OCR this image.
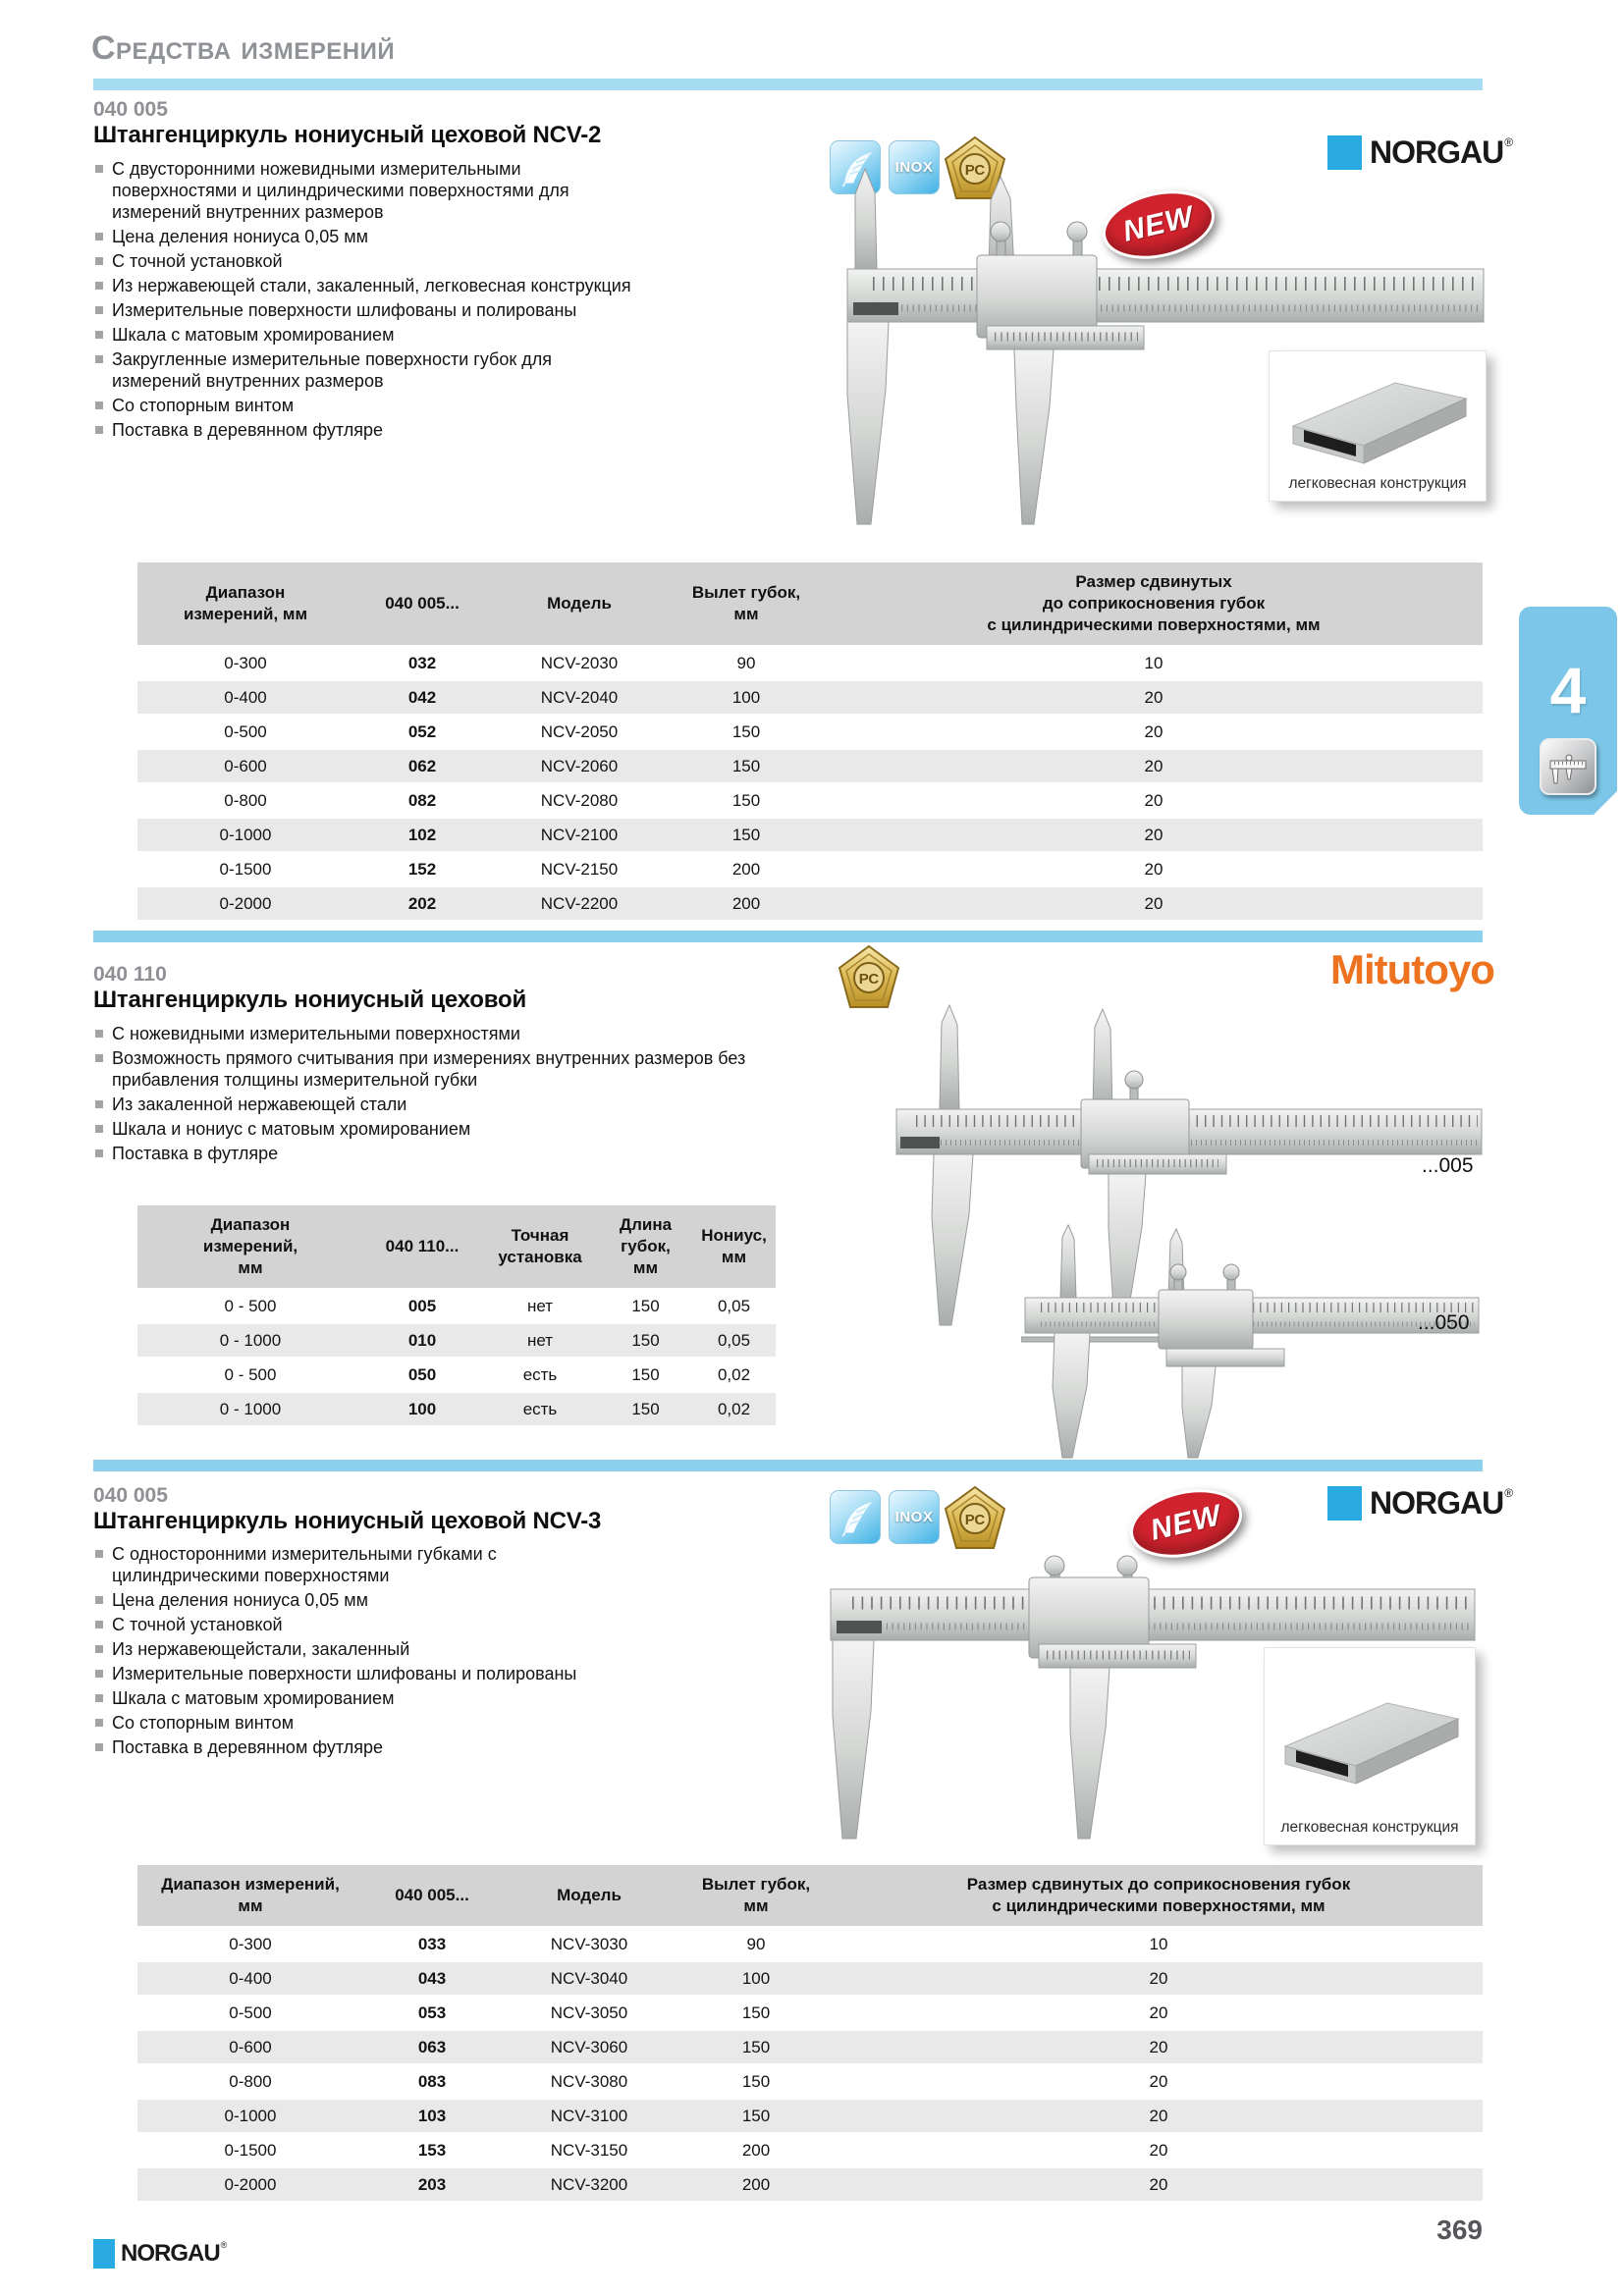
Средства измерений
040 005
Штангенциркуль нониусный цеховой NCV-2
С двусторонними ножевидными измерительными поверхностями и цилиндрическими поверхностями для измерений внутренних размеров
Цена деления нониуса 0,05 мм
С точной установкой
Из нержавеющей стали, закаленный, легковесная конструкция
Измерительные поверхности шлифованы и полированы
Шкала с матовым хромированием
Закругленные измерительные поверхности губок для измерений внутренних размеров
Со стопорным винтом
Поставка в деревянном футляре
INOX РС
NEW
NORGAU ®
легковесная конструкция
Диапазон
измерений, мм	040 005...	Модель	Вылет губок,
мм	Размер сдвинутых
до соприкосновения губок
с цилиндрическими поверхностями, мм
0-300	032	NCV-2030	90	10
0-400	042	NCV-2040	100	20
0-500	052	NCV-2050	150	20
0-600	062	NCV-2060	150	20
0-800	082	NCV-2080	150	20
0-1000	102	NCV-2100	150	20
0-1500	152	NCV-2150	200	20
0-2000	202	NCV-2200	200	20
040 110
Штангенциркуль нониусный цеховой
С ножевидными измерительными поверхностями
Возможность прямого считывания при измерениях внутренних размеров без прибавления толщины измерительной губки
Из закаленной нержавеющей стали
Шкала и нониус с матовым хромированием
Поставка в футляре
РС	Mitutoyo
...005
...050
Диапазон
измерений,
мм	040 110...	Точная
установка	Длина
губок,
мм	Нониус,
мм
0 - 500	005	нет	150	0,05
0 - 1000	010	нет	150	0,05
0 - 500	050	есть	150	0,02
0 - 1000	100	есть	150	0,02
040 005
Штангенциркуль нониусный цеховой NCV-3
С односторонними измерительными губками с цилиндрическими поверхностями
Цена деления нониуса 0,05 мм
С точной установкой
Из нержавеющейстали, закаленный
Измерительные поверхности шлифованы и полированы
Шкала с матовым хромированием
Со стопорным винтом
Поставка в деревянном футляре
INOX РС	NEW	NORGAU ®
легковесная конструкция
Диапазон измерений,
мм	040 005...	Модель	Вылет губок,
мм	Размер сдвинутых до соприкосновения губок
с цилиндрическими поверхностями, мм
0-300	033	NCV-3030	90	10
0-400	043	NCV-3040	100	20
0-500	053	NCV-3050	150	20
0-600	063	NCV-3060	150	20
0-800	083	NCV-3080	150	20
0-1000	103	NCV-3100	150	20
0-1500	153	NCV-3150	200	20
0-2000	203	NCV-3200	200	20
4
NORGAU ®	369
